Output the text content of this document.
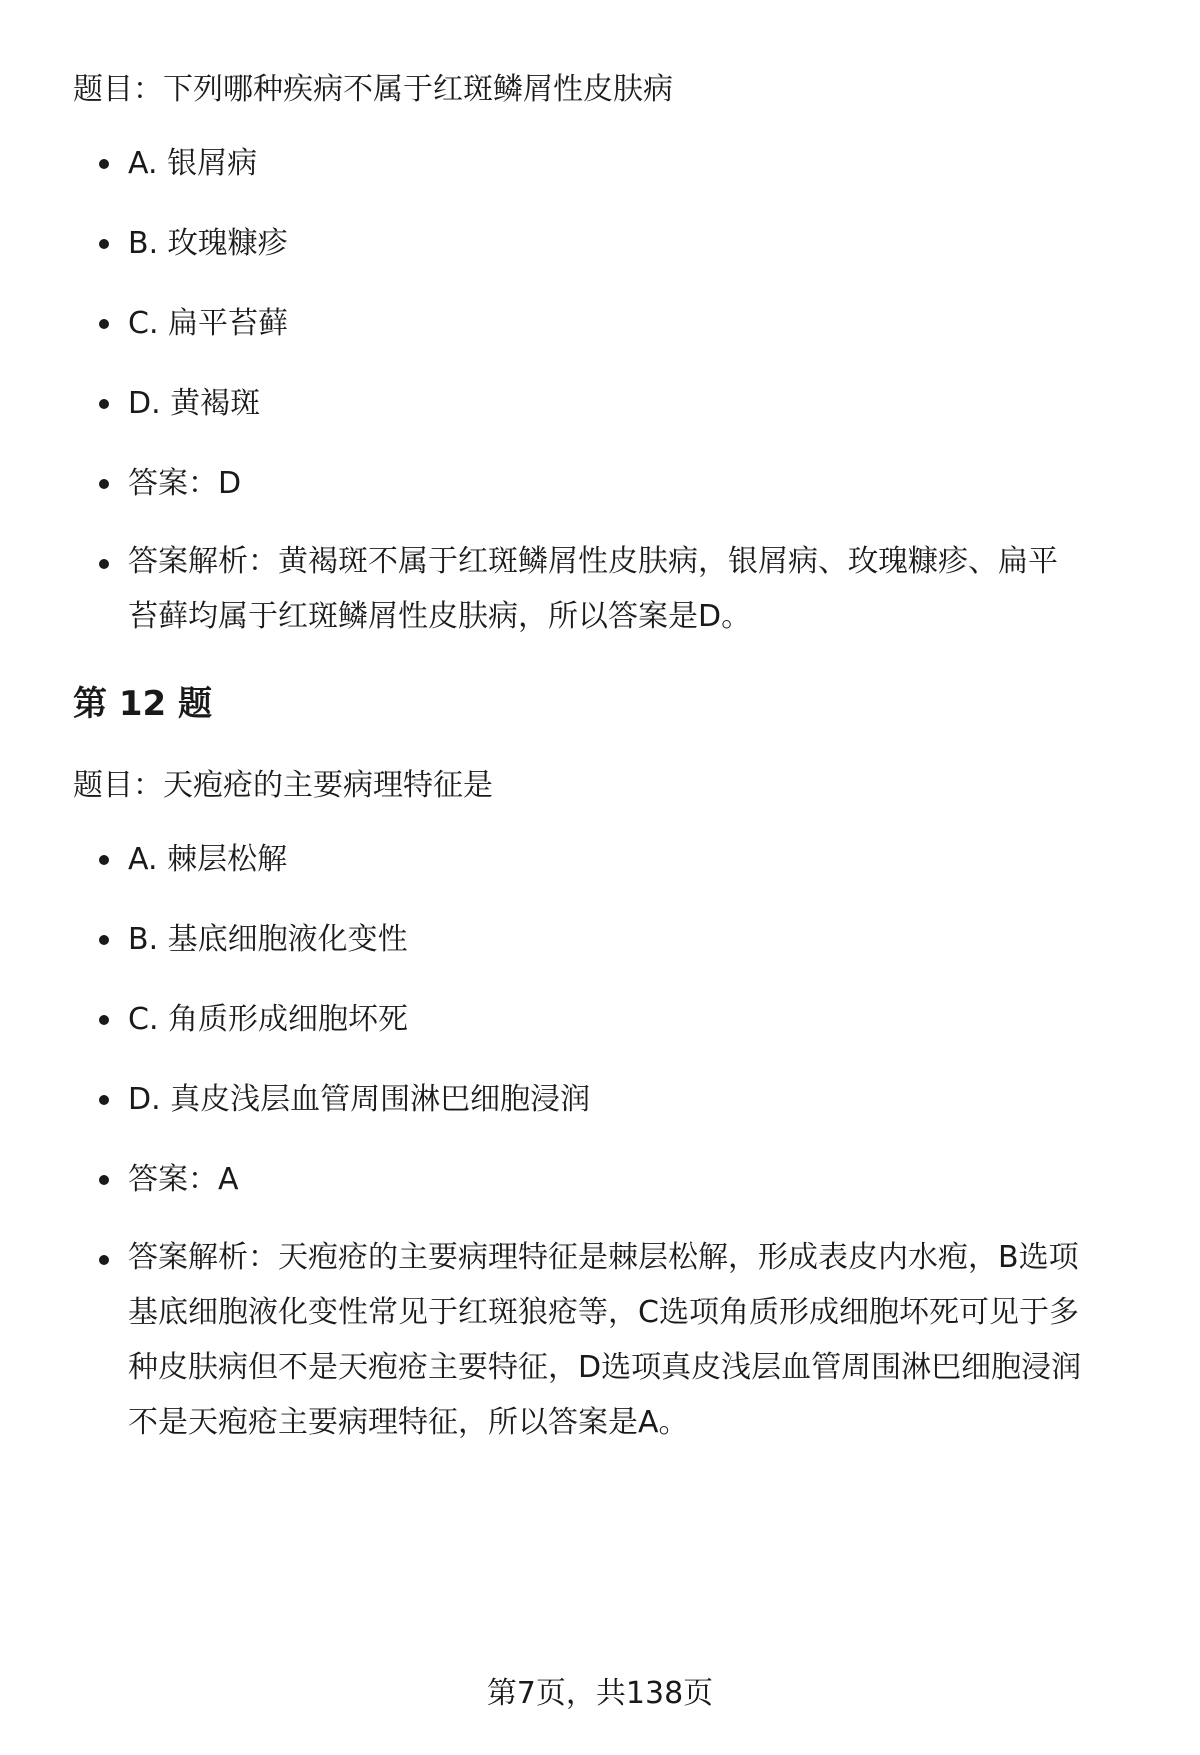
题目：下列哪种疾病不属于红斑鳞屑性皮肤病

A. 银屑病
B. 玫瑰糠疹
C. 扁平苔藓
D. 黄褐斑
答案：D
答案解析：黄褐斑不属于红斑鳞屑性皮肤病，银屑病、玫瑰糠疹、扁平苔藓均属于红斑鳞屑性皮肤病，所以答案是D。
第 12 题

题目：天疱疮的主要病理特征是

A. 棘层松解
B. 基底细胞液化变性
C. 角质形成细胞坏死
D. 真皮浅层血管周围淋巴细胞浸润
答案：A
答案解析：天疱疮的主要病理特征是棘层松解，形成表皮内水疱，B选项基底细胞液化变性常见于红斑狼疮等，C选项角质形成细胞坏死可见于多种皮肤病但不是天疱疮主要特征，D选项真皮浅层血管周围淋巴细胞浸润不是天疱疮主要病理特征，所以答案是A。
第7页，共138页
